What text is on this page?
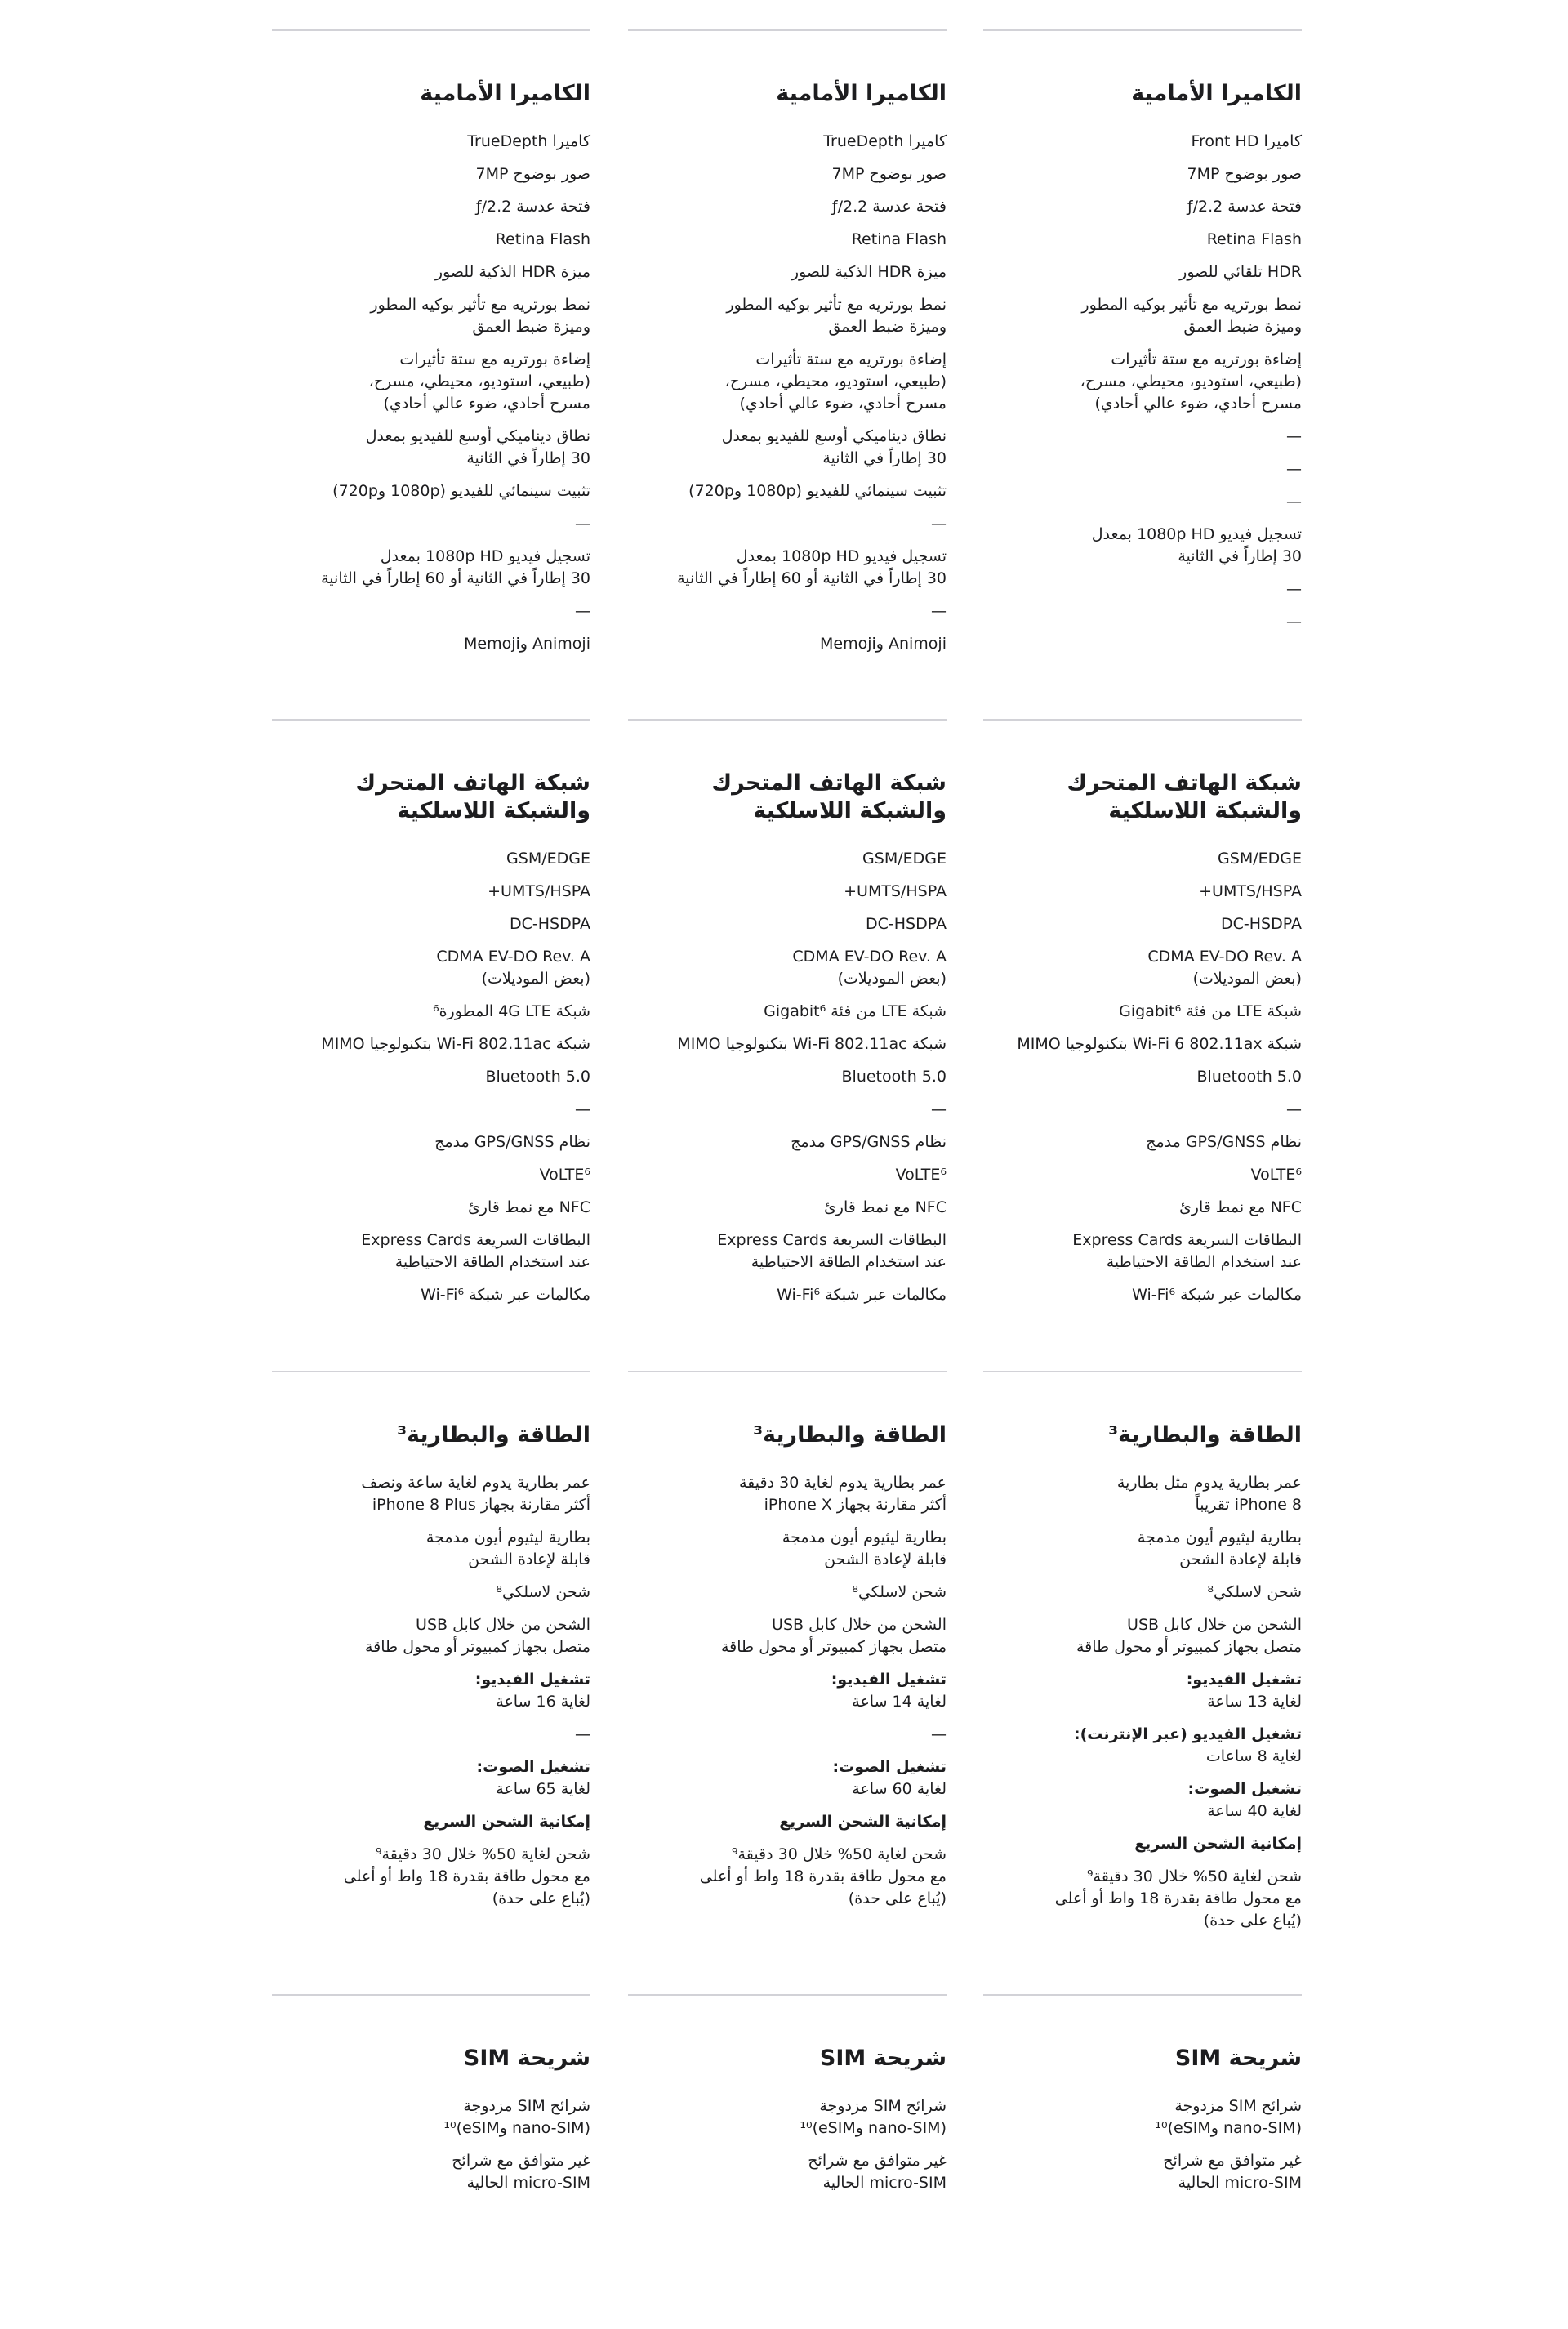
الكاميرا الأمامية
كاميرا Front HD
صور بوضوح 7MP
فتحة عدسة ƒ/2.2
Retina Flash
HDR تلقائي للصور
نمط بورتريه مع تأثير بوكيه المطور
وميزة ضبط العمق
إضاءة بورتريه مع ستة تأثيرات
(طبيعي، استوديو، محيطي، مسرح،
مسرح أحادي، ضوء عالي أحادي)
—
—
—
تسجيل فيديو 1080p HD بمعدل
30 إطاراً في الثانية
—
—
الكاميرا الأمامية
كاميرا TrueDepth
صور بوضوح 7MP
فتحة عدسة ƒ/2.2
Retina Flash
ميزة HDR الذكية للصور
نمط بورتريه مع تأثير بوكيه المطور
وميزة ضبط العمق
إضاءة بورتريه مع ستة تأثيرات
(طبيعي، استوديو، محيطي، مسرح،
مسرح أحادي، ضوء عالي أحادي)
نطاق ديناميكي أوسع للفيديو بمعدل
30 إطاراً في الثانية
تثبيت سينمائي للفيديو (1080p و720p)
—
تسجيل فيديو 1080p HD بمعدل
30 إطاراً في الثانية أو 60 إطاراً في الثانية
—
Animoji وMemoji
الكاميرا الأمامية
كاميرا TrueDepth
صور بوضوح 7MP
فتحة عدسة ƒ/2.2
Retina Flash
ميزة HDR الذكية للصور
نمط بورتريه مع تأثير بوكيه المطور
وميزة ضبط العمق
إضاءة بورتريه مع ستة تأثيرات
(طبيعي، استوديو، محيطي، مسرح،
مسرح أحادي، ضوء عالي أحادي)
نطاق ديناميكي أوسع للفيديو بمعدل
30 إطاراً في الثانية
تثبيت سينمائي للفيديو (1080p و720p)
—
تسجيل فيديو 1080p HD بمعدل
30 إطاراً في الثانية أو 60 إطاراً في الثانية
—
Animoji وMemoji
شبكة الهاتف المتحرك
والشبكة اللاسلكية
GSM/EDGE
UMTS/HSPA+
DC-HSDPA
CDMA EV-DO Rev. A
(بعض الموديلات)
شبكة LTE من فئة Gigabit⁶
شبكة Wi-Fi 6 802.11ax بتكنولوجيا MIMO
Bluetooth 5.0
—
نظام GPS/GNSS مدمج
VoLTE⁶
NFC مع نمط قارئ
البطاقات السريعة Express Cards
عند استخدام الطاقة الاحتياطية
مكالمات عبر شبكة Wi-Fi⁶
شبكة الهاتف المتحرك
والشبكة اللاسلكية
GSM/EDGE
UMTS/HSPA+
DC-HSDPA
CDMA EV-DO Rev. A
(بعض الموديلات)
شبكة LTE من فئة Gigabit⁶
شبكة Wi-Fi 802.11ac بتكنولوجيا MIMO
Bluetooth 5.0
—
نظام GPS/GNSS مدمج
VoLTE⁶
NFC مع نمط قارئ
البطاقات السريعة Express Cards
عند استخدام الطاقة الاحتياطية
مكالمات عبر شبكة Wi-Fi⁶
شبكة الهاتف المتحرك
والشبكة اللاسلكية
GSM/EDGE
UMTS/HSPA+
DC-HSDPA
CDMA EV-DO Rev. A
(بعض الموديلات)
شبكة 4G LTE المطورة⁶
شبكة Wi-Fi 802.11ac بتكنولوجيا MIMO
Bluetooth 5.0
—
نظام GPS/GNSS مدمج
VoLTE⁶
NFC مع نمط قارئ
البطاقات السريعة Express Cards
عند استخدام الطاقة الاحتياطية
مكالمات عبر شبكة Wi-Fi⁶
الطاقة والبطارية³
عمر بطارية يدوم مثل بطارية
iPhone 8 تقريباً
بطارية ليثيوم أيون مدمجة
قابلة لإعادة الشحن
شحن لاسلكي⁸
الشحن من خلال كابل USB
متصل بجهاز كمبيوتر أو محول طاقة
تشغيل الفيديو:
لغاية 13 ساعة
تشغيل الفيديو (عبر الإنترنت):
لغاية 8 ساعات
تشغيل الصوت:
لغاية 40 ساعة
إمكانية الشحن السريع
شحن لغاية 50% خلال 30 دقيقة⁹
مع محول طاقة بقدرة 18 واط أو أعلى
(يُباع على حدة)
الطاقة والبطارية³
عمر بطارية يدوم لغاية 30 دقيقة
أكثر مقارنة بجهاز iPhone X
بطارية ليثيوم أيون مدمجة
قابلة لإعادة الشحن
شحن لاسلكي⁸
الشحن من خلال كابل USB
متصل بجهاز كمبيوتر أو محول طاقة
تشغيل الفيديو:
لغاية 14 ساعة
—
تشغيل الصوت:
لغاية 60 ساعة
إمكانية الشحن السريع
شحن لغاية 50% خلال 30 دقيقة⁹
مع محول طاقة بقدرة 18 واط أو أعلى
(يُباع على حدة)
الطاقة والبطارية³
عمر بطارية يدوم لغاية ساعة ونصف
أكثر مقارنة بجهاز iPhone 8 Plus
بطارية ليثيوم أيون مدمجة
قابلة لإعادة الشحن
شحن لاسلكي⁸
الشحن من خلال كابل USB
متصل بجهاز كمبيوتر أو محول طاقة
تشغيل الفيديو:
لغاية 16 ساعة
—
تشغيل الصوت:
لغاية 65 ساعة
إمكانية الشحن السريع
شحن لغاية 50% خلال 30 دقيقة⁹
مع محول طاقة بقدرة 18 واط أو أعلى
(يُباع على حدة)
شريحة SIM
شرائح SIM مزدوجة
(nano-SIM وeSIM)¹⁰
غير متوافق مع شرائح
micro-SIM الحالية
شريحة SIM
شرائح SIM مزدوجة
(nano-SIM وeSIM)¹⁰
غير متوافق مع شرائح
micro-SIM الحالية
شريحة SIM
شرائح SIM مزدوجة
(nano-SIM وeSIM)¹⁰
غير متوافق مع شرائح
micro-SIM الحالية
